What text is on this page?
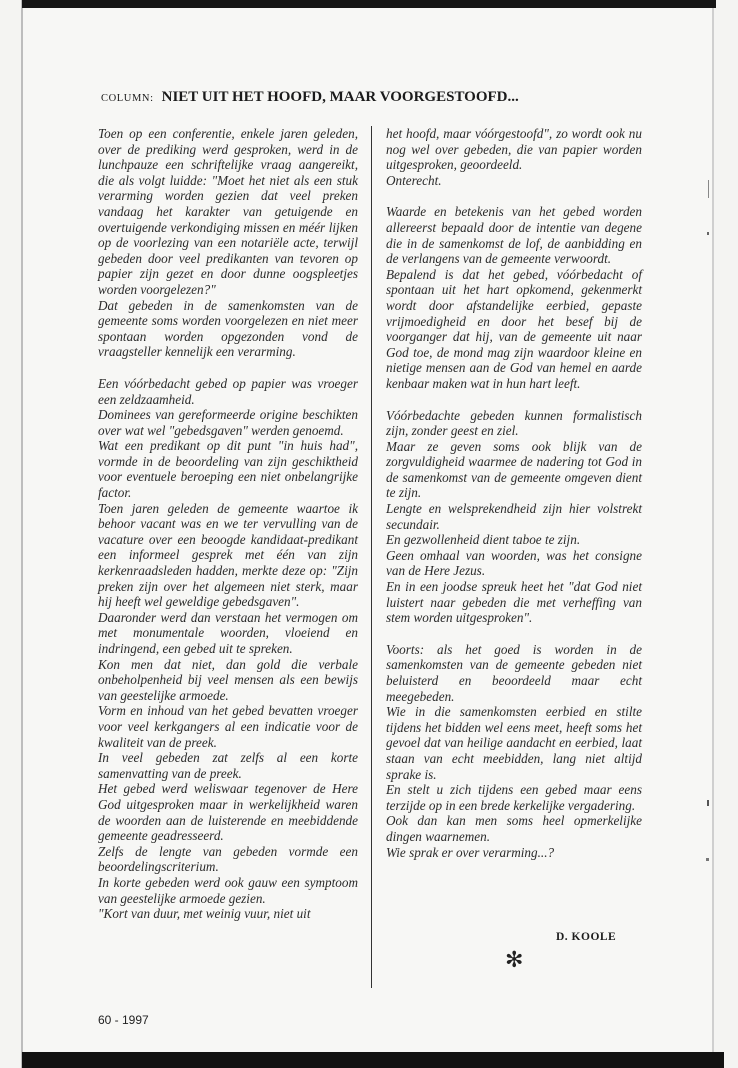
COLUMN: NIET UIT HET HOOFD, MAAR VOORGESTOOFD...

Toen op een conferentie, enkele jaren geleden, over de prediking werd gesproken, werd in de lunchpauze een schriftelijke vraag aangereikt, die als volgt luidde: "Moet het niet als een stuk verarming worden gezien dat veel preken vandaag het karakter van getuigende en overtuigende verkondiging missen en méér lijken op de voorlezing van een notariële acte, terwijl gebeden door veel predikanten van tevoren op papier zijn gezet en door dunne oogspleetjes worden voorgelezen?"

Dat gebeden in de samenkomsten van de gemeente soms worden voorgelezen en niet meer spontaan worden opgezonden vond de vraagsteller kennelijk een verarming.

Een vóórbedacht gebed op papier was vroeger een zeldzaamheid.

Dominees van gereformeerde origine beschikten over wat wel "gebedsgaven" werden genoemd.

Wat een predikant op dit punt "in huis had", vormde in de beoordeling van zijn geschiktheid voor eventuele beroeping een niet onbelangrijke factor.

Toen jaren geleden de gemeente waartoe ik behoor vacant was en we ter vervulling van de vacature over een beoogde kandidaat-predikant een informeel gesprek met één van zijn kerkenraadsleden hadden, merkte deze op: "Zijn preken zijn over het algemeen niet sterk, maar hij heeft wel geweldige gebedsgaven".

Daaronder werd dan verstaan het vermogen om met monumentale woorden, vloeiend en indringend, een gebed uit te spreken.

Kon men dat niet, dan gold die verbale onbeholpenheid bij veel mensen als een bewijs van geestelijke armoede.

Vorm en inhoud van het gebed bevatten vroeger voor veel kerkgangers al een indicatie voor de kwaliteit van de preek.

In veel gebeden zat zelfs al een korte samenvatting van de preek.

Het gebed werd weliswaar tegenover de Here God uitgesproken maar in werkelijkheid waren de woorden aan de luisterende en meebiddende gemeente geadresseerd.

Zelfs de lengte van gebeden vormde een beoordelingscriterium.

In korte gebeden werd ook gauw een symptoom van geestelijke armoede gezien.

"Kort van duur, met weinig vuur, niet uit

het hoofd, maar vóórgestoofd", zo wordt ook nu nog wel over gebeden, die van papier worden uitgesproken, geoordeeld.

Onterecht.

Waarde en betekenis van het gebed worden allereerst bepaald door de intentie van degene die in de samenkomst de lof, de aanbidding en de verlangens van de gemeente verwoordt.

Bepalend is dat het gebed, vóórbedacht of spontaan uit het hart opkomend, gekenmerkt wordt door afstandelijke eerbied, gepaste vrijmoedigheid en door het besef bij de voorganger dat hij, van de gemeente uit naar God toe, de mond mag zijn waardoor kleine en nietige mensen aan de God van hemel en aarde kenbaar maken wat in hun hart leeft.

Vóórbedachte gebeden kunnen formalistisch zijn, zonder geest en ziel.

Maar ze geven soms ook blijk van de zorgvuldigheid waarmee de nadering tot God in de samenkomst van de gemeente omgeven dient te zijn.

Lengte en welsprekendheid zijn hier volstrekt secundair.

En gezwollenheid dient taboe te zijn.

Geen omhaal van woorden, was het consigne van de Here Jezus.

En in een joodse spreuk heet het "dat God niet luistert naar gebeden die met verheffing van stem worden uitgesproken".

Voorts: als het goed is worden in de samenkomsten van de gemeente gebeden niet beluisterd en beoordeeld maar echt meegebeden.

Wie in die samenkomsten eerbied en stilte tijdens het bidden wel eens meet, heeft soms het gevoel dat van heilige aandacht en eerbied, laat staan van echt meebidden, lang niet altijd sprake is.

En stelt u zich tijdens een gebed maar eens terzijde op in een brede kerkelijke vergadering.

Ook dan kan men soms heel opmerkelijke dingen waarnemen.

Wie sprak er over verarming...?

D. KOOLE
✻
60 - 1997
